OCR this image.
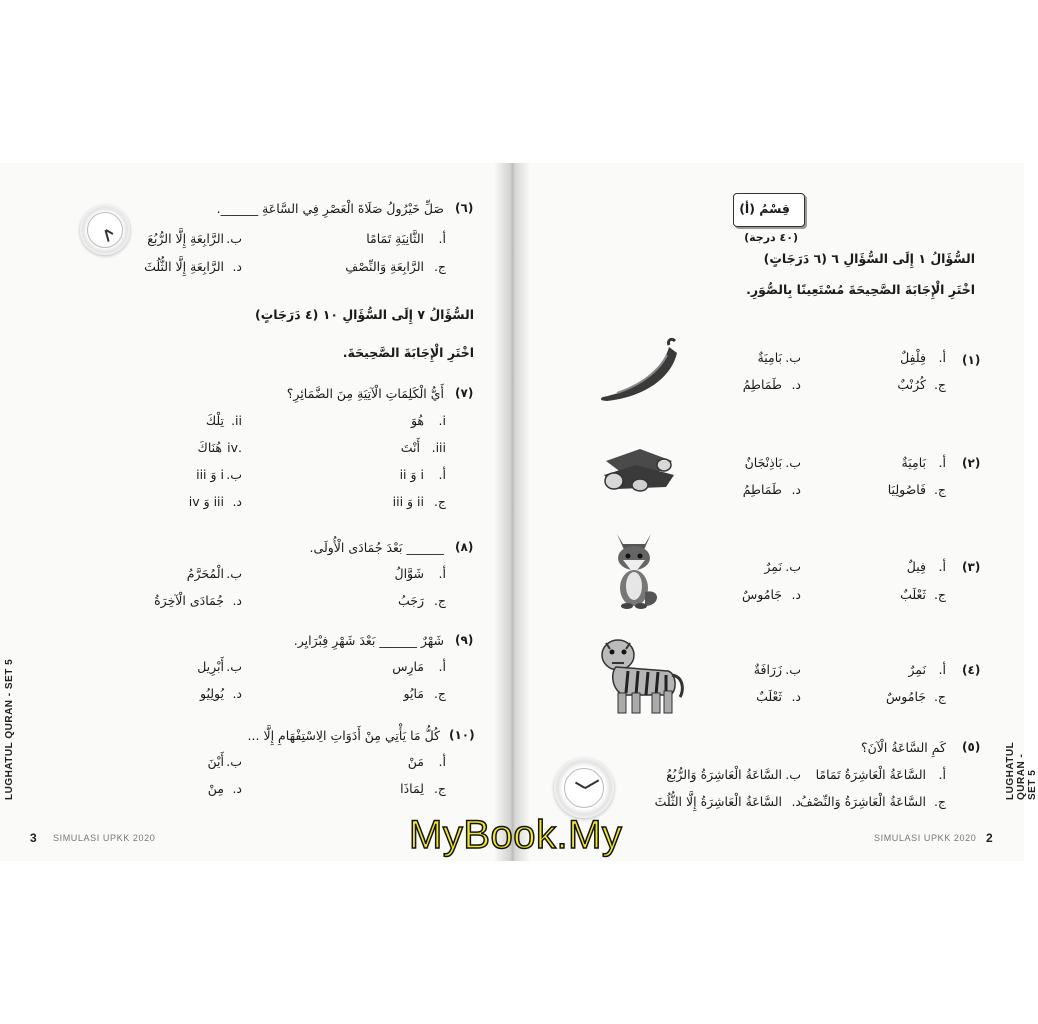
(٦)
صَلِّ خَيْرُولُ صَلَاةَ الْعَصْرِ فِي السَّاعَةِ ______.
أ.
الثَّانِيَةِ تَمَامًا
ب.
الرَّابِعَةِ إِلَّا الرُّبُعَ
ج.
الرَّابِعَةِ وَالنِّصْفِ
د.
الرَّابِعَةِ إِلَّا الثُّلُثَ
السُّؤَالُ ٧ إِلَى السُّؤَالِ ١٠ (٤ دَرَجَاتٍ)
اخْتَرِ الْإِجَابَةَ الصَّحِيحَةَ.
(٧)
أَيُّ الْكَلِمَاتِ الْآتِيَةِ مِنَ الضَّمَائِرِ؟
i.
هُوَ
ii.
تِلْكَ
iii.
أَنْتَ
.iv
هُنَاكَ
أ.
i وَ ii
ب.
i وَ iii
ج.
ii وَ iii
د.
iii وَ iv
(٨)
______ بَعْدَ جُمَادَى الْأُولَى.
أ.
شَوَّالُ
ب.
الْمُحَرَّمُ
ج.
رَجَبُ
د.
جُمَادَى الْآخِرَةُ
(٩)
شَهْرٌ ______ بَعْدَ شَهْرِ فِبْرَايِر.
أ.
مَارِس
ب.
أَبْرِيل
ج.
مَايُو
د.
يُولِيُو
(١٠)
كُلُّ مَا يَأْتِي مِنْ أَدَوَاتِ الِاسْتِفْهَامِ إِلَّا ...
أ.
مَنْ
ب.
أَيْنَ
ج.
لِمَاذَا
د.
مِنْ
LUGHATUL QURAN - SET 5
3 SIMULASI UPKK 2020
قِسْمُ (أ)
(٤٠ درجة)
السُّؤَالُ ١ إِلَى السُّؤَالِ ٦ (٦ دَرَجَاتٍ)
اخْتَرِ الْإِجَابَةَ الصَّحِيحَةَ مُسْتَعِينًا بِالصُّوَرِ.
(١)
أ.
فِلْفِلٌ
ب.
بَامِيَةٌ
ج.
كُرُنْبٌ
د.
طَمَاطِمُ
(٢)
أ.
بَامِيَةٌ
ب.
بَاذِنْجَانٌ
ج.
فَاصُولِيَا
د.
طَمَاطِمُ
(٣)
أ.
فِيلٌ
ب.
نَمِرٌ
ج.
ثَعْلَبٌ
د.
جَامُوسٌ
(٤)
أ.
نَمِرٌ
ب.
زَرَافَةٌ
ج.
جَامُوسٌ
د.
ثَعْلَبٌ
(٥)
كَمِ السَّاعَةُ الْآنَ؟
أ.
السَّاعَةُ الْعَاشِرَةُ تَمَامًا
ب.
السَّاعَةُ الْعَاشِرَةُ وَالرُّبُعُ
ج.
السَّاعَةُ الْعَاشِرَةُ وَالنِّصْفُ
د.
السَّاعَةُ الْعَاشِرَةُ إِلَّا الثُّلُثَ
LUGHATUL QURAN - SET 5
SIMULASI UPKK 2020 2
MyBook.My
